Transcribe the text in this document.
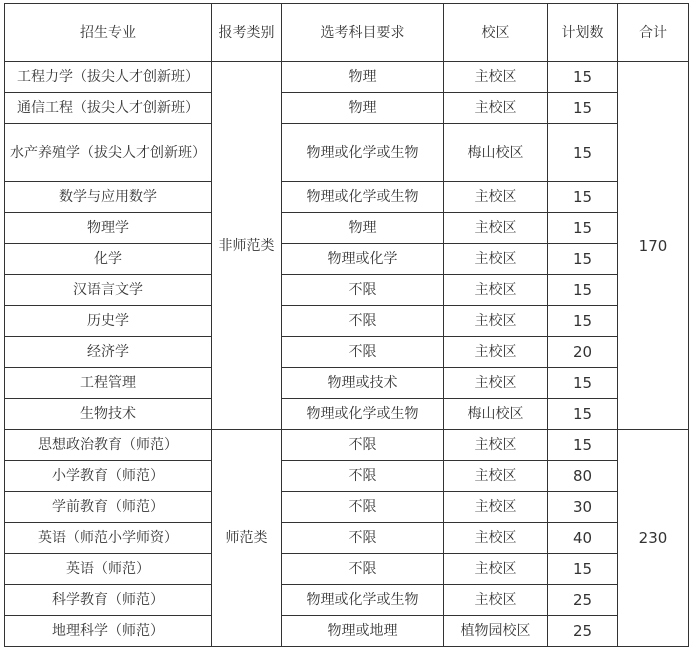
招生专业	报考类别	选考科目要求	校区	计划数	合计
工程力学（拔尖人才创新班）	非师范类	物理	主校区	15	170
通信工程（拔尖人才创新班）		物理	主校区	15	
水产养殖学（拔尖人才创新班）		物理或化学或生物	梅山校区	15	
数学与应用数学		物理或化学或生物	主校区	15	
物理学		物理	主校区	15	
化学		物理或化学	主校区	15	
汉语言文学		不限	主校区	15	
历史学		不限	主校区	15	
经济学		不限	主校区	20	
工程管理		物理或技术	主校区	15	
生物技术		物理或化学或生物	梅山校区	15	
思想政治教育（师范）	师范类	不限	主校区	15	230
小学教育（师范）		不限	主校区	80	
学前教育（师范）		不限	主校区	30	
英语（师范小学师资）		不限	主校区	40	
英语（师范）		不限	主校区	15	
科学教育（师范）		物理或化学或生物	主校区	25	
地理科学（师范）		物理或地理	植物园校区	25	
